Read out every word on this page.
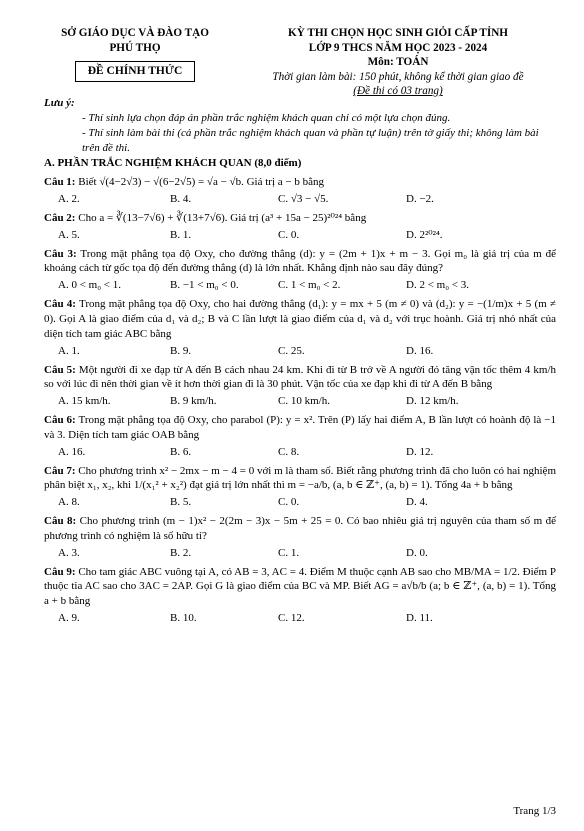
SỞ GIÁO DỤC VÀ ĐÀO TẠO
PHÚ THỌ
ĐỀ CHÍNH THỨC
KỲ THI CHỌN HỌC SINH GIỎI CẤP TỈNH
LỚP 9 THCS NĂM HỌC 2023 - 2024
Môn: TOÁN
Thời gian làm bài: 150 phút, không kể thời gian giao đề
(Đề thi có 03 trang)
Lưu ý:
- Thí sinh lựa chọn đáp án phần trắc nghiệm khách quan chỉ có một lựa chọn đúng.
- Thí sinh làm bài thi (cả phần trắc nghiệm khách quan và phần tự luận) trên tờ giấy thi; không làm bài trên đề thi.
A. PHẦN TRẮC NGHIỆM KHÁCH QUAN (8,0 điểm)
Câu 1: Biết √(4−2√3) − √(6−2√5) = √a − √b. Giá trị a − b bằng
A. 2.	B. 4.	C. √3 − √5.	D. −2.
Câu 2: Cho a = ∛(13−7√6) + ∛(13+7√6). Giá trị (a³ + 15a − 25)²⁰²⁴ bằng
A. 5.	B. 1.	C. 0.	D. 2²⁰²⁴.
Câu 3: Trong mặt phẳng tọa độ Oxy, cho đường thẳng (d): y = (2m + 1)x + m − 3. Gọi m₀ là giá trị của m để khoảng cách từ gốc tọa độ đến đường thẳng (d) là lớn nhất. Khẳng định nào sau đây đúng?
A. 0 < m₀ < 1.	B. −1 < m₀ < 0.	C. 1 < m₀ < 2.	D. 2 < m₀ < 3.
Câu 4: Trong mặt phẳng tọa độ Oxy, cho hai đường thẳng (d₁): y = mx + 5 (m ≠ 0) và (d₂): y = −(1/m)x + 5 (m ≠ 0). Gọi A là giao điểm của d₁ và d₂; B và C lần lượt là giao điểm của d₁ và d₂ với trục hoành. Giá trị nhỏ nhất của diện tích tam giác ABC bằng
A. 1.	B. 9.	C. 25.	D. 16.
Câu 5: Một người đi xe đạp từ A đến B cách nhau 24 km. Khi đi từ B trở về A người đó tăng vận tốc thêm 4 km/h so với lúc đi nên thời gian về ít hơn thời gian đi là 30 phút. Vận tốc của xe đạp khi đi từ A đến B bằng
A. 15 km/h.	B. 9 km/h.	C. 10 km/h.	D. 12 km/h.
Câu 6: Trong mặt phẳng tọa độ Oxy, cho parabol (P): y = x². Trên (P) lấy hai điểm A, B lần lượt có hoành độ là −1 và 3. Diện tích tam giác OAB bằng
A. 16.	B. 6.	C. 8.	D. 12.
Câu 7: Cho phương trình x² − 2mx − m − 4 = 0 với m là tham số. Biết rằng phương trình đã cho luôn có hai nghiệm phân biệt x₁, x₂, khi 1/(x₁² + x₂²) đạt giá trị lớn nhất thì m = −a/b, (a, b ∈ ℤ⁺, (a, b) = 1). Tổng 4a + b bằng
A. 8.	B. 5.	C. 0.	D. 4.
Câu 8: Cho phương trình (m − 1)x² − 2(2m − 3)x − 5m + 25 = 0. Có bao nhiêu giá trị nguyên của tham số m để phương trình có nghiệm là số hữu tỉ?
A. 3.	B. 2.	C. 1.	D. 0.
Câu 9: Cho tam giác ABC vuông tại A, có AB = 3, AC = 4. Điểm M thuộc cạnh AB sao cho MB/MA = 1/2. Điểm P thuộc tia AC sao cho 3AC = 2AP. Gọi G là giao điểm của BC và MP. Biết AG = a√b/b (a; b ∈ ℤ⁺, (a, b) = 1). Tổng a + b bằng
A. 9.	B. 10.	C. 12.	D. 11.
Trang 1/3
